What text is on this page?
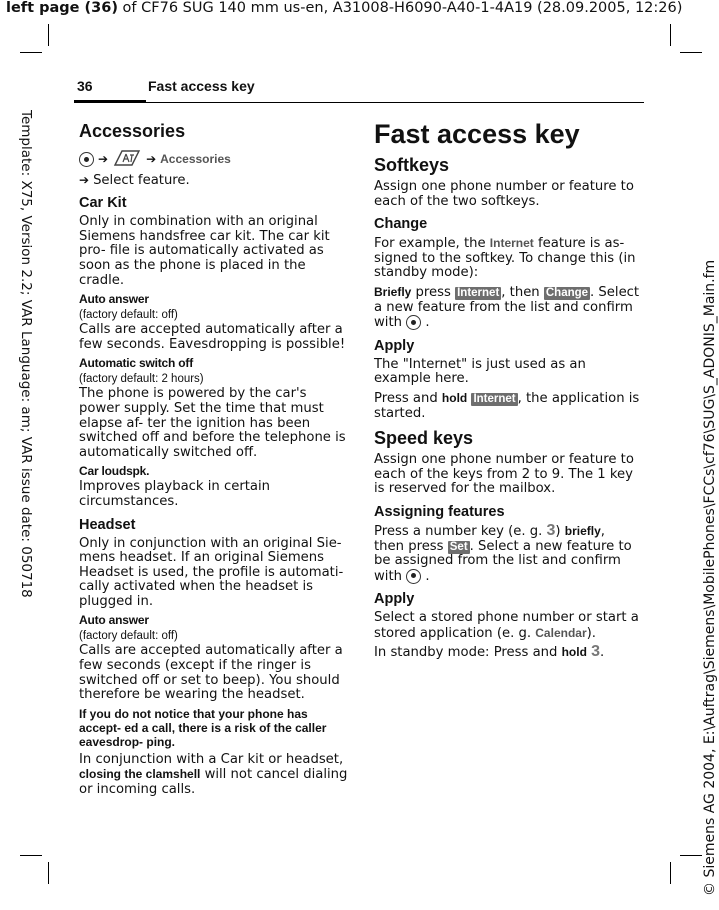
left page (36) of CF76 SUG 140 mm us-en, A31008-H6090-A40-1-4A19 (28.09.2005, 12:26)
Template: X75, Version 2.2; VAR Language: am; VAR issue date: 050718	© Siemens AG 2004, E:\Auftrag\Siemens\MobilePhones\FCCs\cf76\SUG\S_ADONIS_Main.fm
36	Fast access key
Accessories
➔	➔ Accessories
➔ Select feature.
Car Kit
Only in combination with an original Siemens handsfree car kit. The car kit pro- file is automatically activated as soon as the phone is placed in the cradle.
Auto answer
(factory default: off)
Calls are accepted automatically after a few seconds. Eavesdropping is possible!
Automatic switch off
(factory default: 2 hours)
The phone is powered by the car's power supply. Set the time that must elapse af- ter the ignition has been switched off and before the telephone is automatically switched off.
Car loudspk.
Improves playback in certain circumstances.
Headset
Only in conjunction with an original Sie- mens headset. If an original Siemens Headset is used, the profile is automati- cally activated when the headset is plugged in.
Auto answer
(factory default: off)
Calls are accepted automatically after a few seconds (except if the ringer is switched off or set to beep). You should therefore be wearing the headset.
If you do not notice that your phone has accept- ed a call, there is a risk of the caller eavesdrop- ping.
In conjunction with a Car kit or headset, closing the clamshell will not cancel dialing or incoming calls.
Fast access key
Softkeys
Assign one phone number or feature to each of the two softkeys.
Change
For example, the Internet feature is as- signed to the softkey. To change this (in standby mode):
Briefly press Internet , then Change . Select a new feature from the list and confirm with  .
Apply
The "Internet" is just used as an example here.
Press and hold Internet , the application is started.
Speed keys
Assign one phone number or feature to each of the keys from 2 to 9. The 1 key is reserved for the mailbox.
Assigning features
Press a number key (e. g. 3) briefly,
then press Set . Select a new feature to be assigned from the list and confirm with  .
Apply
Select a stored phone number or start a stored application (e. g. Calendar).
In standby mode: Press and hold 3.
